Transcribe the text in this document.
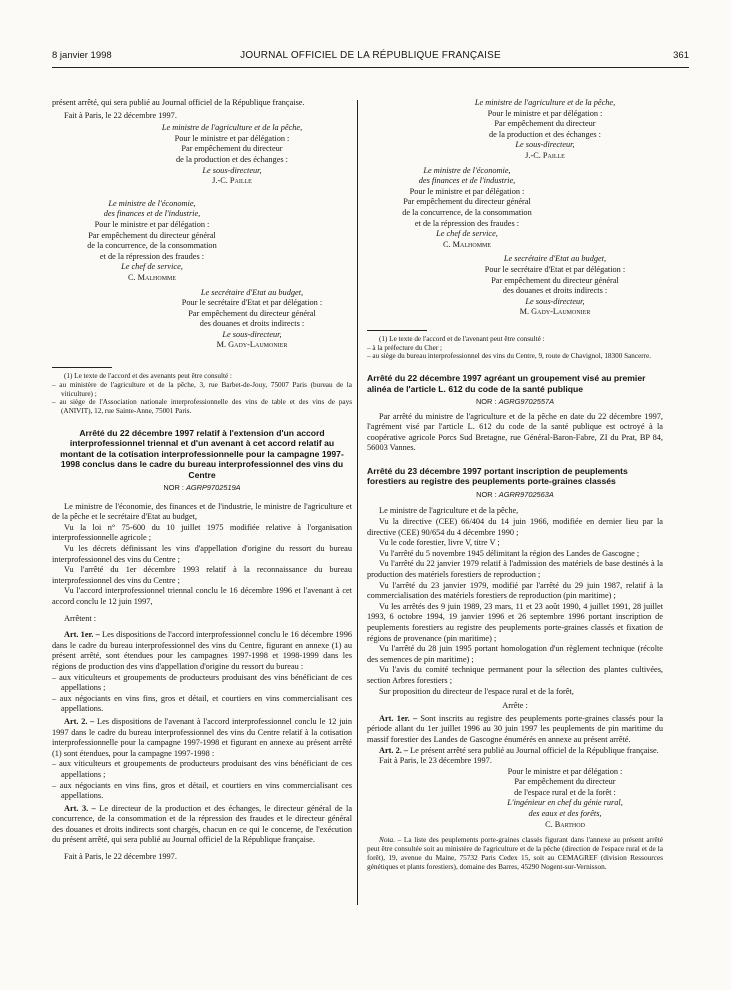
8 janvier 1998	JOURNAL OFFICIEL DE LA RÉPUBLIQUE FRANÇAISE	361

présent arrêté, qui sera publié au Journal officiel de la République française.

Fait à Paris, le 22 décembre 1997.

Le ministre de l'agriculture et de la pêche,

Pour le ministre et par délégation :

Par empêchement du directeur

de la production et des échanges :

Le sous-directeur,

J.-C. Paille

Le ministre de l'économie,

des finances et de l'industrie,

Pour le ministre et par délégation :

Par empêchement du directeur général

de la concurrence, de la consommation

et de la répression des fraudes :

Le chef de service,

C. Malhomme

Le secrétaire d'Etat au budget,

Pour le secrétaire d'Etat et par délégation :

Par empêchement du directeur général

des douanes et droits indirects :

Le sous-directeur,

M. Gady-Laumonier

(1) Le texte de l'accord et des avenants peut être consulté :

– au ministère de l'agriculture et de la pêche, 3, rue Barbet-de-Jouy, 75007 Paris (bureau de la viticulture) ;
– au siège de l'Association nationale interprofessionnelle des vins de table et des vins de pays (ANIVIT), 12, rue Sainte-Anne, 75001 Paris.

Arrêté du 22 décembre 1997 relatif à l'extension d'un accord interprofessionnel triennal et d'un avenant à cet accord relatif au montant de la cotisation interprofessionnelle pour la campagne 1997-1998 conclus dans le cadre du bureau interprofessionnel des vins du Centre

NOR : AGRP9702519A

Le ministre de l'économie, des finances et de l'industrie, le ministre de l'agriculture et de la pêche et le secrétaire d'Etat au budget,

Vu la loi n° 75-600 du 10 juillet 1975 modifiée relative à l'organisation interprofessionnelle agricole ;

Vu les décrets définissant les vins d'appellation d'origine du ressort du bureau interprofessionnel des vins du Centre ;

Vu l'arrêté du 1er décembre 1993 relatif à la reconnaissance du bureau interprofessionnel des vins du Centre ;

Vu l'accord interprofessionnel triennal conclu le 16 décembre 1996 et l'avenant à cet accord conclu le 12 juin 1997,

Arrêtent :

Art. 1er. – Les dispositions de l'accord interprofessionnel conclu le 16 décembre 1996 dans le cadre du bureau interprofessionnel des vins du Centre, figurant en annexe (1) au présent arrêté, sont étendues pour les campagnes 1997-1998 et 1998-1999 dans les régions de production des vins d'appellation d'origine du ressort du bureau :

– aux viticulteurs et groupements de producteurs produisant des vins bénéficiant de ces appellations ;
– aux négociants en vins fins, gros et détail, et courtiers en vins commercialisant ces appellations.

Art. 2. – Les dispositions de l'avenant à l'accord interprofessionnel conclu le 12 juin 1997 dans le cadre du bureau interprofessionnel des vins du Centre relatif à la cotisation interprofessionnelle pour la campagne 1997-1998 et figurant en annexe au présent arrêté (1) sont étendues, pour la campagne 1997-1998 :

– aux viticulteurs et groupements de producteurs produisant des vins bénéficiant de ces appellations ;
– aux négociants en vins fins, gros et détail, et courtiers en vins commercialisant ces appellations.

Art. 3. – Le directeur de la production et des échanges, le directeur général de la concurrence, de la consommation et de la répression des fraudes et le directeur général des douanes et droits indirects sont chargés, chacun en ce qui le concerne, de l'exécution du présent arrêté, qui sera publié au Journal officiel de la République française.

Fait à Paris, le 22 décembre 1997.

Le ministre de l'agriculture et de la pêche,

Pour le ministre et par délégation :

Par empêchement du directeur

de la production et des échanges :

Le sous-directeur,

J.-C. Paille

Le ministre de l'économie,

des finances et de l'industrie,

Pour le ministre et par délégation :

Par empêchement du directeur général

de la concurrence, de la consommation

et de la répression des fraudes :

Le chef de service,

C. Malhomme

Le secrétaire d'Etat au budget,

Pour le secrétaire d'Etat et par délégation :

Par empêchement du directeur général

des douanes et droits indirects :

Le sous-directeur,

M. Gady-Laumonier

(1) Le texte de l'accord et de l'avenant peut être consulté :

– à la préfecture du Cher ;
– au siège du bureau interprofessionnel des vins du Centre, 9, route de Chavignol, 18300 Sancerre.

Arrêté du 22 décembre 1997 agréant un groupement visé au premier alinéa de l'article L. 612 du code de la santé publique

NOR : AGRG9702557A

Par arrêté du ministre de l'agriculture et de la pêche en date du 22 décembre 1997, l'agrément visé par l'article L. 612 du code de la santé publique est octroyé à la coopérative agricole Porcs Sud Bretagne, rue Général-Baron-Fabre, ZI du Prat, BP 84, 56003 Vannes.

Arrêté du 23 décembre 1997 portant inscription de peuplements forestiers au registre des peuplements porte-graines classés

NOR : AGRR9702563A

Le ministre de l'agriculture et de la pêche,

Vu la directive (CEE) 66/404 du 14 juin 1966, modifiée en dernier lieu par la directive (CEE) 90/654 du 4 décembre 1990 ;

Vu le code forestier, livre V, titre V ;

Vu l'arrêté du 5 novembre 1945 délimitant la région des Landes de Gascogne ;

Vu l'arrêté du 22 janvier 1979 relatif à l'admission des matériels de base destinés à la production des matériels forestiers de reproduction ;

Vu l'arrêté du 23 janvier 1979, modifié par l'arrêté du 29 juin 1987, relatif à la commercialisation des matériels forestiers de reproduction (pin maritime) ;

Vu les arrêtés des 9 juin 1989, 23 mars, 11 et 23 août 1990, 4 juillet 1991, 28 juillet 1993, 6 octobre 1994, 19 janvier 1996 et 26 septembre 1996 portant inscription de peuplements forestiers au registre des peuplements porte-graines classés et fixation de régions de provenance (pin maritime) ;

Vu l'arrêté du 28 juin 1995 portant homologation d'un règlement technique (récolte des semences de pin maritime) ;

Vu l'avis du comité technique permanent pour la sélection des plantes cultivées, section Arbres forestiers ;

Sur proposition du directeur de l'espace rural et de la forêt,

Arrête :

Art. 1er. – Sont inscrits au registre des peuplements porte-graines classés pour la période allant du 1er juillet 1996 au 30 juin 1997 les peuplements de pin maritime du massif forestier des Landes de Gascogne énumérés en annexe au présent arrêté.

Art. 2. – Le présent arrêté sera publié au Journal officiel de la République française.

Fait à Paris, le 23 décembre 1997.

Pour le ministre et par délégation :

Par empêchement du directeur

de l'espace rural et de la forêt :

L'ingénieur en chef du génie rural,

des eaux et des forêts,

C. Barthod

Nota. – La liste des peuplements porte-graines classés figurant dans l'annexe au présent arrêté peut être consultée soit au ministère de l'agriculture et de la pêche (direction de l'espace rural et de la forêt), 19, avenue du Maine, 75732 Paris Cedex 15, soit au CEMAGREF (division Ressources génétiques et plants forestiers), domaine des Barres, 45290 Nogent-sur-Vernisson.
